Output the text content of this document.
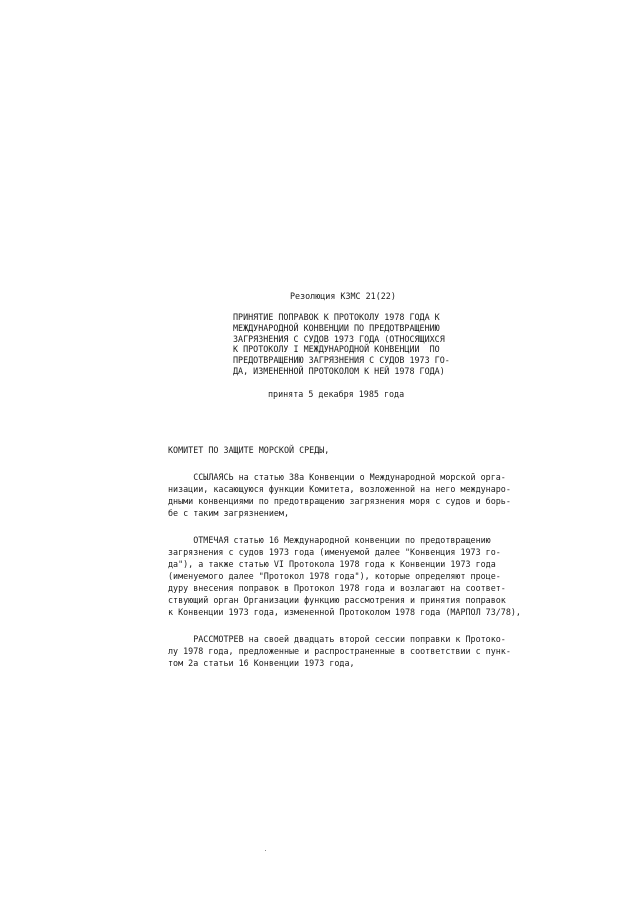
Резолюция КЗМС 21(22)
ПРИНЯТИЕ ПОПРАВОК К ПРОТОКОЛУ 1978 ГОДА К
МЕЖДУНАРОДНОЙ КОНВЕНЦИИ ПО ПРЕДОТВРАЩЕНИЮ
ЗАГРЯЗНЕНИЯ С СУДОВ 1973 ГОДА (ОТНОСЯЩИХСЯ
К ПРОТОКОЛУ I МЕЖДУНАРОДНОЙ КОНВЕНЦИИ  ПО
ПРЕДОТВРАЩЕНИЮ ЗАГРЯЗНЕНИЯ С СУДОВ 1973 ГО-
ДА, ИЗМЕНЕННОЙ ПРОТОКОЛОМ К НЕЙ 1978 ГОДА)
принята 5 декабря 1985 года
КОМИТЕТ ПО ЗАЩИТЕ МОРСКОЙ СРЕДЫ,
ССЫЛАЯСЬ на статью 38а Конвенции о Международной морской орга-
низации, касающуюся функции Комитета, возложенной на него междунаро-
дными конвенциями по предотвращению загрязнения моря с судов и борь-
бе с таким загрязнением,
ОТМЕЧАЯ статью 16 Международной конвенции по предотвращению
загрязнения с судов 1973 года (именуемой далее "Конвенция 1973 го-
да"), а также статью VI Протокола 1978 года к Конвенции 1973 года
(именуемого далее "Протокол 1978 года"), которые определяют проце-
дуру внесения поправок в Протокол 1978 года и возлагают на соответ-
ствующий орган Организации функцию рассмотрения и принятия поправок
к Конвенции 1973 года, измененной Протоколом 1978 года (МАРПОЛ 73/78),
РАССМОТРЕВ на своей двадцать второй сессии поправки к Протоко-
лу 1978 года, предложенные и распространенные в соответствии с пунк-
том 2а статьи 16 Конвенции 1973 года,
